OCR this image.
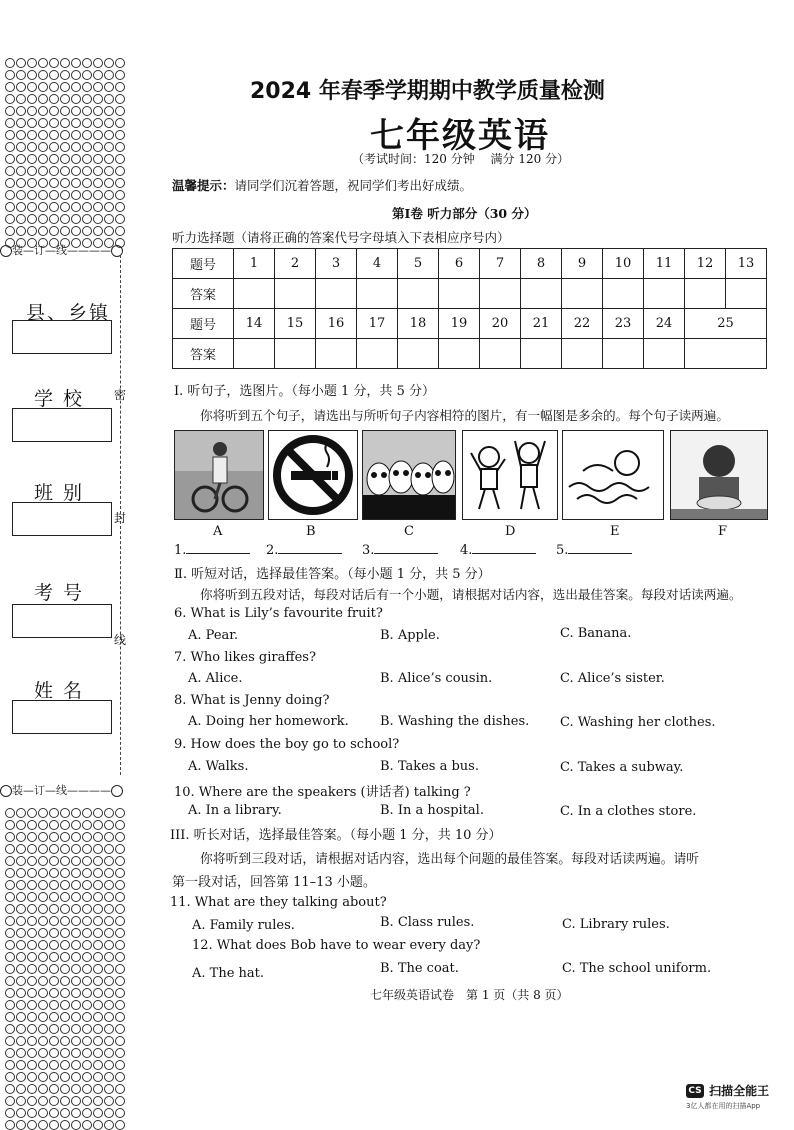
装—订—线————
装—订—线————
密
封
线
县、乡镇
学 校
班 别
考 号
姓 名
2024 年春季学期期中教学质量检测
七年级英语
（考试时间：120 分钟　 满分 120 分）
温馨提示：请同学们沉着答题，祝同学们考出好成绩。
第Ⅰ卷 听力部分（30 分）
听力选择题（请将正确的答案代号字母填入下表相应序号内）
题号	1	2	3	4	5	6	7	8	9	10	11	12	13
答案													
题号	14	15	16	17	18	19	20	21	22	23	24	25	
答案													
Ⅰ. 听句子，选图片。（每小题 1 分，共 5 分）
你将听到五个句子，请选出与所听句子内容相符的图片，有一幅图是多余的。每个句子读两遍。
A	B	C	D	E	F
1.	2.	3.	4.	5.
Ⅱ. 听短对话，选择最佳答案。（每小题 1 分，共 5 分）
你将听到五段对话，每段对话后有一个小题，请根据对话内容，选出最佳答案。每段对话读两遍。
6. What is Lily’s favourite fruit?
A. Pear.	B. Apple.	C. Banana.
7. Who likes giraffes?
A. Alice.	B. Alice’s cousin.	C. Alice’s sister.
8. What is Jenny doing?
A. Doing her homework. B. Washing the dishes. C. Washing her clothes.
9. How does the boy go to school?
A. Walks.	B. Takes a bus.	C. Takes a subway.
10. Where are the speakers (讲话者) talking ?
A. In a library.	B. In a hospital.	C. In a clothes store.
III. 听长对话，选择最佳答案。（每小题 1 分，共 10 分）
你将听到三段对话，请根据对话内容，选出每个问题的最佳答案。每段对话读两遍。请听
第一段对话，回答第 11–13 小题。
11. What are they talking about?
A. Family rules.	B. Class rules.	C. Library rules.
12. What does Bob have to wear every day?
A. The hat.	B. The coat.	C. The school uniform.
七年级英语试卷　第 1 页（共 8 页）
CS 扫描全能王
3亿人都在用的扫描App
